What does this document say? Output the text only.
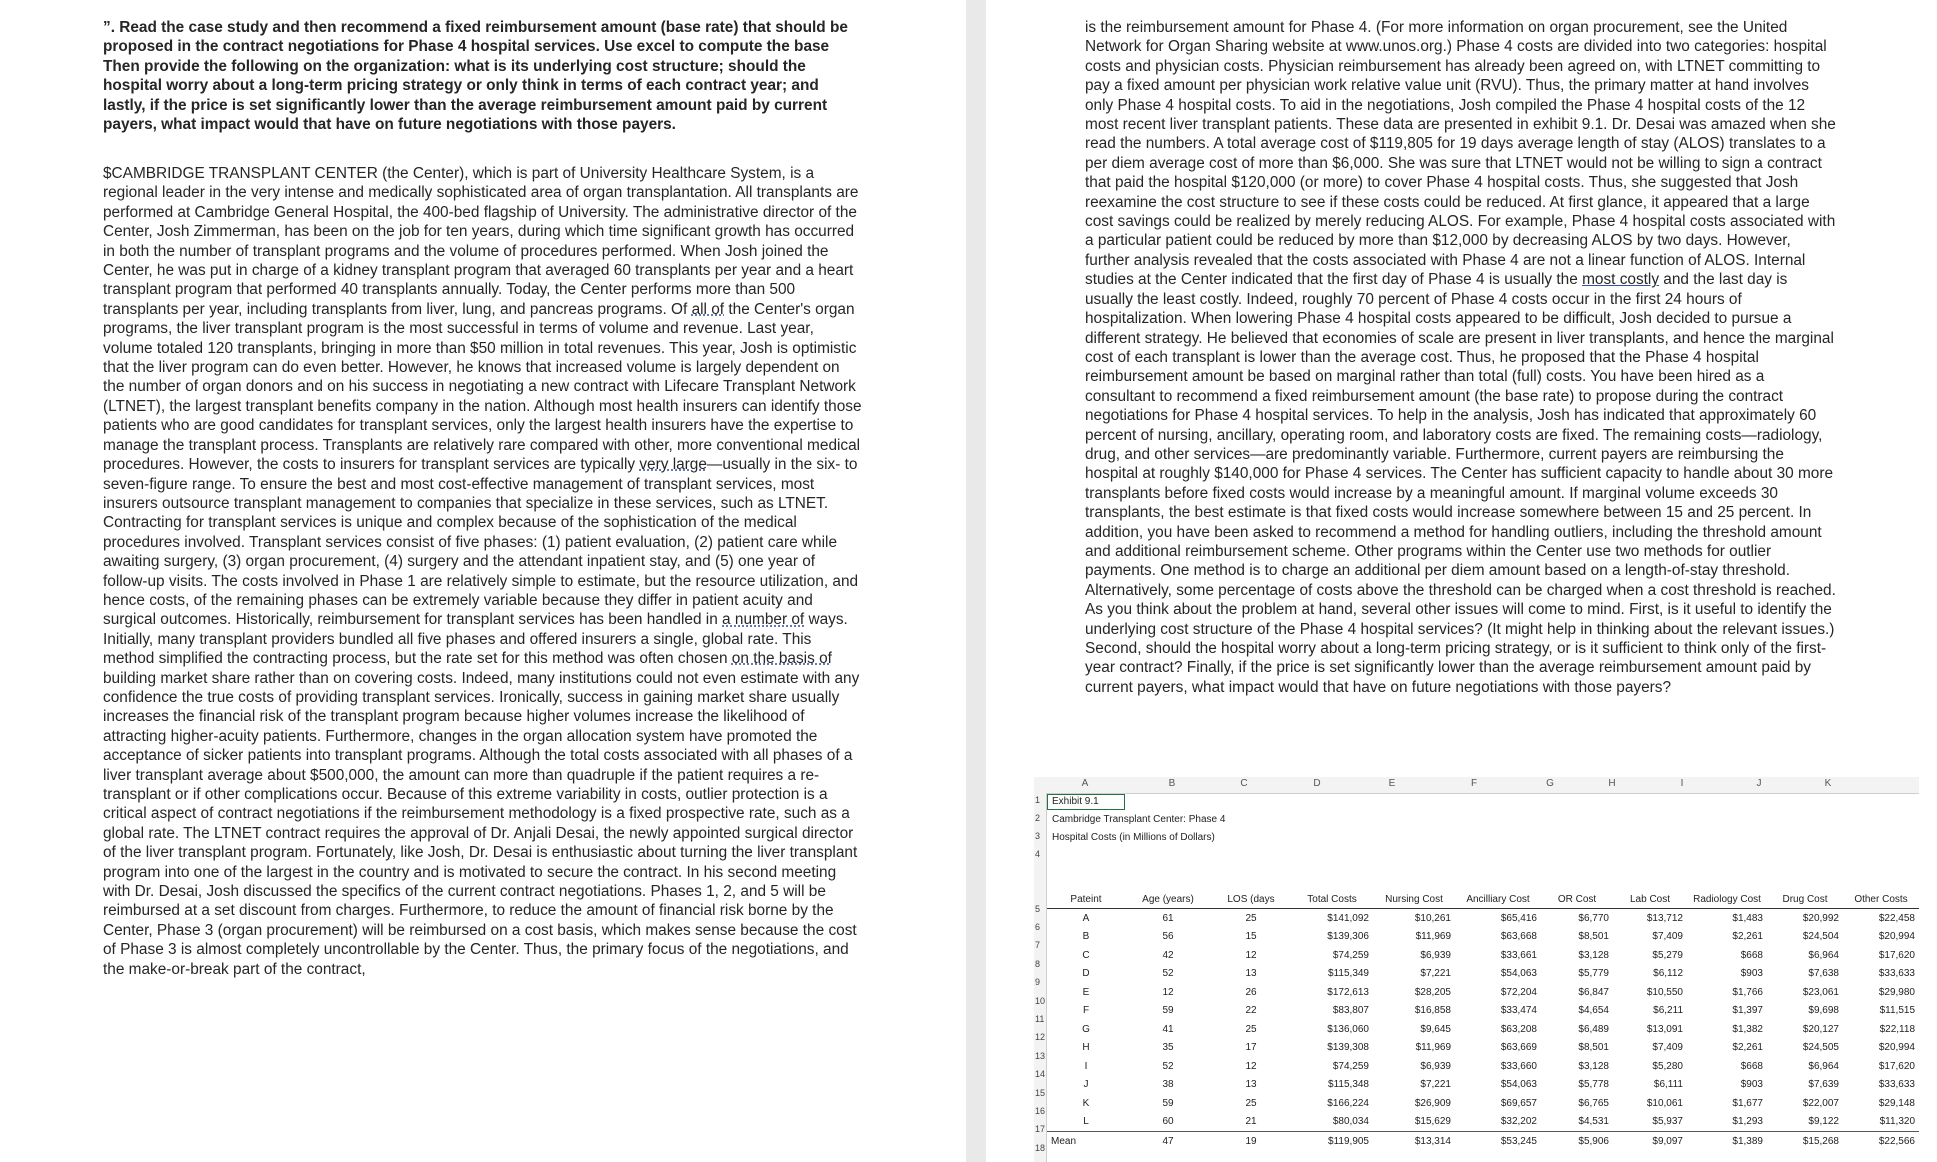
”. Read the case study and then recommend a fixed reimbursement amount (base rate) that should be proposed in the contract negotiations for Phase 4 hospital services. Use excel to compute the base Then provide the following on the organization: what is its underlying cost structure; should the hospital worry about a long-term pricing strategy or only think in terms of each contract year; and lastly, if the price is set significantly lower than the average reimbursement amount paid by current payers, what impact would that have on future negotiations with those payers.
$CAMBRIDGE TRANSPLANT CENTER (the Center), which is part of University Healthcare System, is a regional leader in the very intense and medically sophisticated area of organ transplantation. All transplants are performed at Cambridge General Hospital, the 400-bed flagship of University. The administrative director of the Center, Josh Zimmerman, has been on the job for ten years, during which time significant growth has occurred in both the number of transplant programs and the volume of procedures performed. When Josh joined the Center, he was put in charge of a kidney transplant program that averaged 60 transplants per year and a heart transplant program that performed 40 transplants annually. Today, the Center performs more than 500 transplants per year, including transplants from liver, lung, and pancreas programs. Of all of the Center's organ programs, the liver transplant program is the most successful in terms of volume and revenue. Last year, volume totaled 120 transplants, bringing in more than $50 million in total revenues. This year, Josh is optimistic that the liver program can do even better. However, he knows that increased volume is largely dependent on the number of organ donors and on his success in negotiating a new contract with Lifecare Transplant Network (LTNET), the largest transplant benefits company in the nation. Although most health insurers can identify those patients who are good candidates for transplant services, only the largest health insurers have the expertise to manage the transplant process. Transplants are relatively rare compared with other, more conventional medical procedures. However, the costs to insurers for transplant services are typically very large—usually in the six- to seven-figure range. To ensure the best and most cost-effective management of transplant services, most insurers outsource transplant management to companies that specialize in these services, such as LTNET. Contracting for transplant services is unique and complex because of the sophistication of the medical procedures involved. Transplant services consist of five phases: (1) patient evaluation, (2) patient care while awaiting surgery, (3) organ procurement, (4) surgery and the attendant inpatient stay, and (5) one year of follow-up visits. The costs involved in Phase 1 are relatively simple to estimate, but the resource utilization, and hence costs, of the remaining phases can be extremely variable because they differ in patient acuity and surgical outcomes. Historically, reimbursement for transplant services has been handled in a number of ways. Initially, many transplant providers bundled all five phases and offered insurers a single, global rate. This method simplified the contracting process, but the rate set for this method was often chosen on the basis of building market share rather than on covering costs. Indeed, many institutions could not even estimate with any confidence the true costs of providing transplant services. Ironically, success in gaining market share usually increases the financial risk of the transplant program because higher volumes increase the likelihood of attracting higher-acuity patients. Furthermore, changes in the organ allocation system have promoted the acceptance of sicker patients into transplant programs. Although the total costs associated with all phases of a liver transplant average about $500,000, the amount can more than quadruple if the patient requires a re-transplant or if other complications occur. Because of this extreme variability in costs, outlier protection is a critical aspect of contract negotiations if the reimbursement methodology is a fixed prospective rate, such as a global rate. The LTNET contract requires the approval of Dr. Anjali Desai, the newly appointed surgical director of the liver transplant program. Fortunately, like Josh, Dr. Desai is enthusiastic about turning the liver transplant program into one of the largest in the country and is motivated to secure the contract. In his second meeting with Dr. Desai, Josh discussed the specifics of the current contract negotiations. Phases 1, 2, and 5 will be reimbursed at a set discount from charges. Furthermore, to reduce the amount of financial risk borne by the Center, Phase 3 (organ procurement) will be reimbursed on a cost basis, which makes sense because the cost of Phase 3 is almost completely uncontrollable by the Center. Thus, the primary focus of the negotiations, and the make-or-break part of the contract,
is the reimbursement amount for Phase 4. (For more information on organ procurement, see the United Network for Organ Sharing website at www.unos.org.) Phase 4 costs are divided into two categories: hospital costs and physician costs. Physician reimbursement has already been agreed on, with LTNET committing to pay a fixed amount per physician work relative value unit (RVU). Thus, the primary matter at hand involves only Phase 4 hospital costs. To aid in the negotiations, Josh compiled the Phase 4 hospital costs of the 12 most recent liver transplant patients. These data are presented in exhibit 9.1. Dr. Desai was amazed when she read the numbers. A total average cost of $119,805 for 19 days average length of stay (ALOS) translates to a per diem average cost of more than $6,000. She was sure that LTNET would not be willing to sign a contract that paid the hospital $120,000 (or more) to cover Phase 4 hospital costs. Thus, she suggested that Josh reexamine the cost structure to see if these costs could be reduced. At first glance, it appeared that a large cost savings could be realized by merely reducing ALOS. For example, Phase 4 hospital costs associated with a particular patient could be reduced by more than $12,000 by decreasing ALOS by two days. However, further analysis revealed that the costs associated with Phase 4 are not a linear function of ALOS. Internal studies at the Center indicated that the first day of Phase 4 is usually the most costly and the last day is usually the least costly. Indeed, roughly 70 percent of Phase 4 costs occur in the first 24 hours of hospitalization. When lowering Phase 4 hospital costs appeared to be difficult, Josh decided to pursue a different strategy. He believed that economies of scale are present in liver transplants, and hence the marginal cost of each transplant is lower than the average cost. Thus, he proposed that the Phase 4 hospital reimbursement amount be based on marginal rather than total (full) costs. You have been hired as a consultant to recommend a fixed reimbursement amount (the base rate) to propose during the contract negotiations for Phase 4 hospital services. To help in the analysis, Josh has indicated that approximately 60 percent of nursing, ancillary, operating room, and laboratory costs are fixed. The remaining costs—radiology, drug, and other services—are predominantly variable. Furthermore, current payers are reimbursing the hospital at roughly $140,000 for Phase 4 services. The Center has sufficient capacity to handle about 30 more transplants before fixed costs would increase by a meaningful amount. If marginal volume exceeds 30 transplants, the best estimate is that fixed costs would increase somewhere between 15 and 25 percent. In addition, you have been asked to recommend a method for handling outliers, including the threshold amount and additional reimbursement scheme. Other programs within the Center use two methods for outlier payments. One method is to charge an additional per diem amount based on a length-of-stay threshold. Alternatively, some percentage of costs above the threshold can be charged when a cost threshold is reached. As you think about the problem at hand, several other issues will come to mind. First, is it useful to identify the underlying cost structure of the Phase 4 hospital services? (It might help in thinking about the relevant issues.) Second, should the hospital worry about a long-term pricing strategy, or is it sufficient to think only of the first-year contract? Finally, if the price is set significantly lower than the average reimbursement amount paid by current payers, what impact would that have on future negotiations with those payers?
A	B	C	D	E	F	G	H	I	J	K
1
2
3
4
5
6
7
8
9
10
11
12
13
14
15
16
17
18
Exhibit 9.1
Cambridge Transplant Center: Phase 4
Hospital Costs (in Millions of Dollars)
Pateint	Age (years)	LOS (days	Total Costs	Nursing Cost	Ancilliary Cost	OR Cost	Lab Cost	Radiology Cost	Drug Cost	Other Costs
A	61	25	$141,092	$10,261	$65,416	$6,770	$13,712	$1,483	$20,992	$22,458
B	56	15	$139,306	$11,969	$63,668	$8,501	$7,409	$2,261	$24,504	$20,994
C	42	12	$74,259	$6,939	$33,661	$3,128	$5,279	$668	$6,964	$17,620
D	52	13	$115,349	$7,221	$54,063	$5,779	$6,112	$903	$7,638	$33,633
E	12	26	$172,613	$28,205	$72,204	$6,847	$10,550	$1,766	$23,061	$29,980
F	59	22	$83,807	$16,858	$33,474	$4,654	$6,211	$1,397	$9,698	$11,515
G	41	25	$136,060	$9,645	$63,208	$6,489	$13,091	$1,382	$20,127	$22,118
H	35	17	$139,308	$11,969	$63,669	$8,501	$7,409	$2,261	$24,505	$20,994
I	52	12	$74,259	$6,939	$33,660	$3,128	$5,280	$668	$6,964	$17,620
J	38	13	$115,348	$7,221	$54,063	$5,778	$6,111	$903	$7,639	$33,633
K	59	25	$166,224	$26,909	$69,657	$6,765	$10,061	$1,677	$22,007	$29,148
L	60	21	$80,034	$15,629	$32,202	$4,531	$5,937	$1,293	$9,122	$11,320
Mean	47	19	$119,905	$13,314	$53,245	$5,906	$9,097	$1,389	$15,268	$22,566
